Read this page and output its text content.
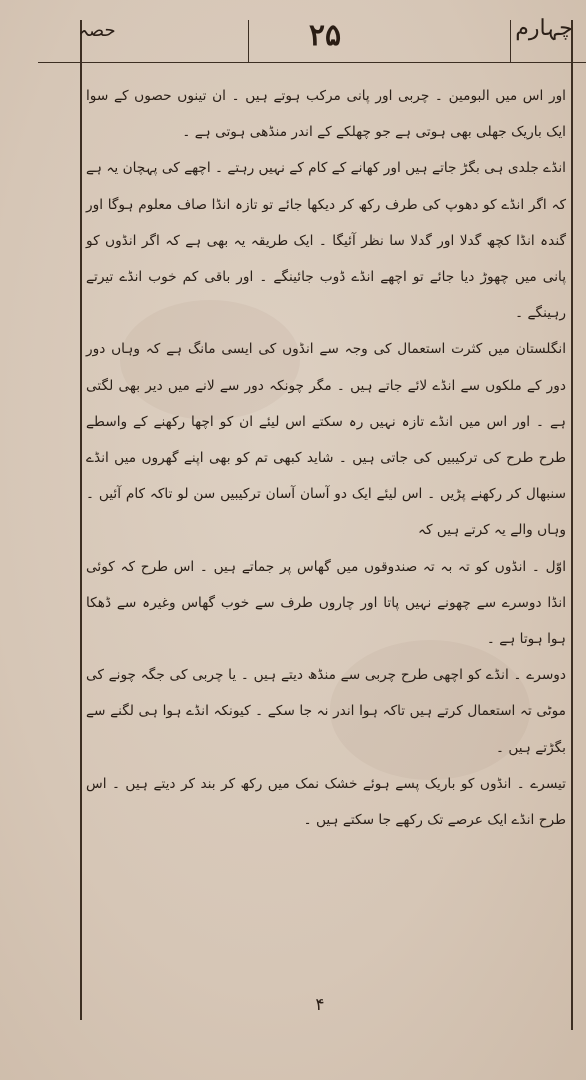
حصہ	۲۵	چہارم

اور اس میں البومین ۔ چربی اور پانی مرکب ہوتے ہیں ۔ ان تینوں حصوں کے سوا ایک باریک جھلی بھی ہوتی ہے جو چھلکے کے اندر منڈھی ہوتی ہے ۔

انڈے جلدی ہی بگڑ جاتے ہیں اور کھانے کے کام کے نہیں رہتے ۔ اچھے کی پہچان یہ ہے کہ اگر انڈے کو دھوپ کی طرف رکھ کر دیکھا جائے تو تازہ انڈا صاف معلوم ہوگا اور گندہ انڈا کچھ گدلا اور گدلا سا نظر آئیگا ۔ ایک طریقہ یہ بھی ہے کہ اگر انڈوں کو پانی میں چھوڑ دیا جائے تو اچھے انڈے ڈوب جائینگے ۔ اور باقی کم خوب انڈے تیرتے رہینگے ۔

انگلستان میں کثرت استعمال کی وجہ سے انڈوں کی ایسی مانگ ہے کہ وہاں دور دور کے ملکوں سے انڈے لائے جاتے ہیں ۔ مگر چونکہ دور سے لانے میں دیر بھی لگتی ہے ۔ اور اس میں انڈے تازہ نہیں رہ سکتے اس لیئے ان کو اچھا رکھنے کے واسطے طرح طرح کی ترکیبیں کی جاتی ہیں ۔ شاید کبھی تم کو بھی اپنے گھروں میں انڈے سنبھال کر رکھنے پڑیں ۔ اس لیئے ایک دو آسان آسان ترکیبیں سن لو تاکہ کام آئیں ۔ وہاں والے یہ کرتے ہیں کہ

اوّل ۔ انڈوں کو تہ بہ تہ صندوقوں میں گھاس پر جماتے ہیں ۔ اس طرح کہ کوئی انڈا دوسرے سے چھونے نہیں پاتا اور چاروں طرف سے خوب گھاس وغیرہ سے ڈھکا ہوا ہوتا ہے ۔

دوسرے ۔ انڈے کو اچھی طرح چربی سے منڈھ دیتے ہیں ۔ یا چربی کی جگہ چونے کی موٹی تہ استعمال کرتے ہیں تاکہ ہوا اندر نہ جا سکے ۔ کیونکہ انڈے ہوا ہی لگنے سے بگڑتے ہیں ۔

تیسرے ۔ انڈوں کو باریک پسے ہوئے خشک نمک میں رکھ کر بند کر دیتے ہیں ۔ اس طرح انڈے ایک عرصے تک رکھے جا سکتے ہیں ۔

۴
